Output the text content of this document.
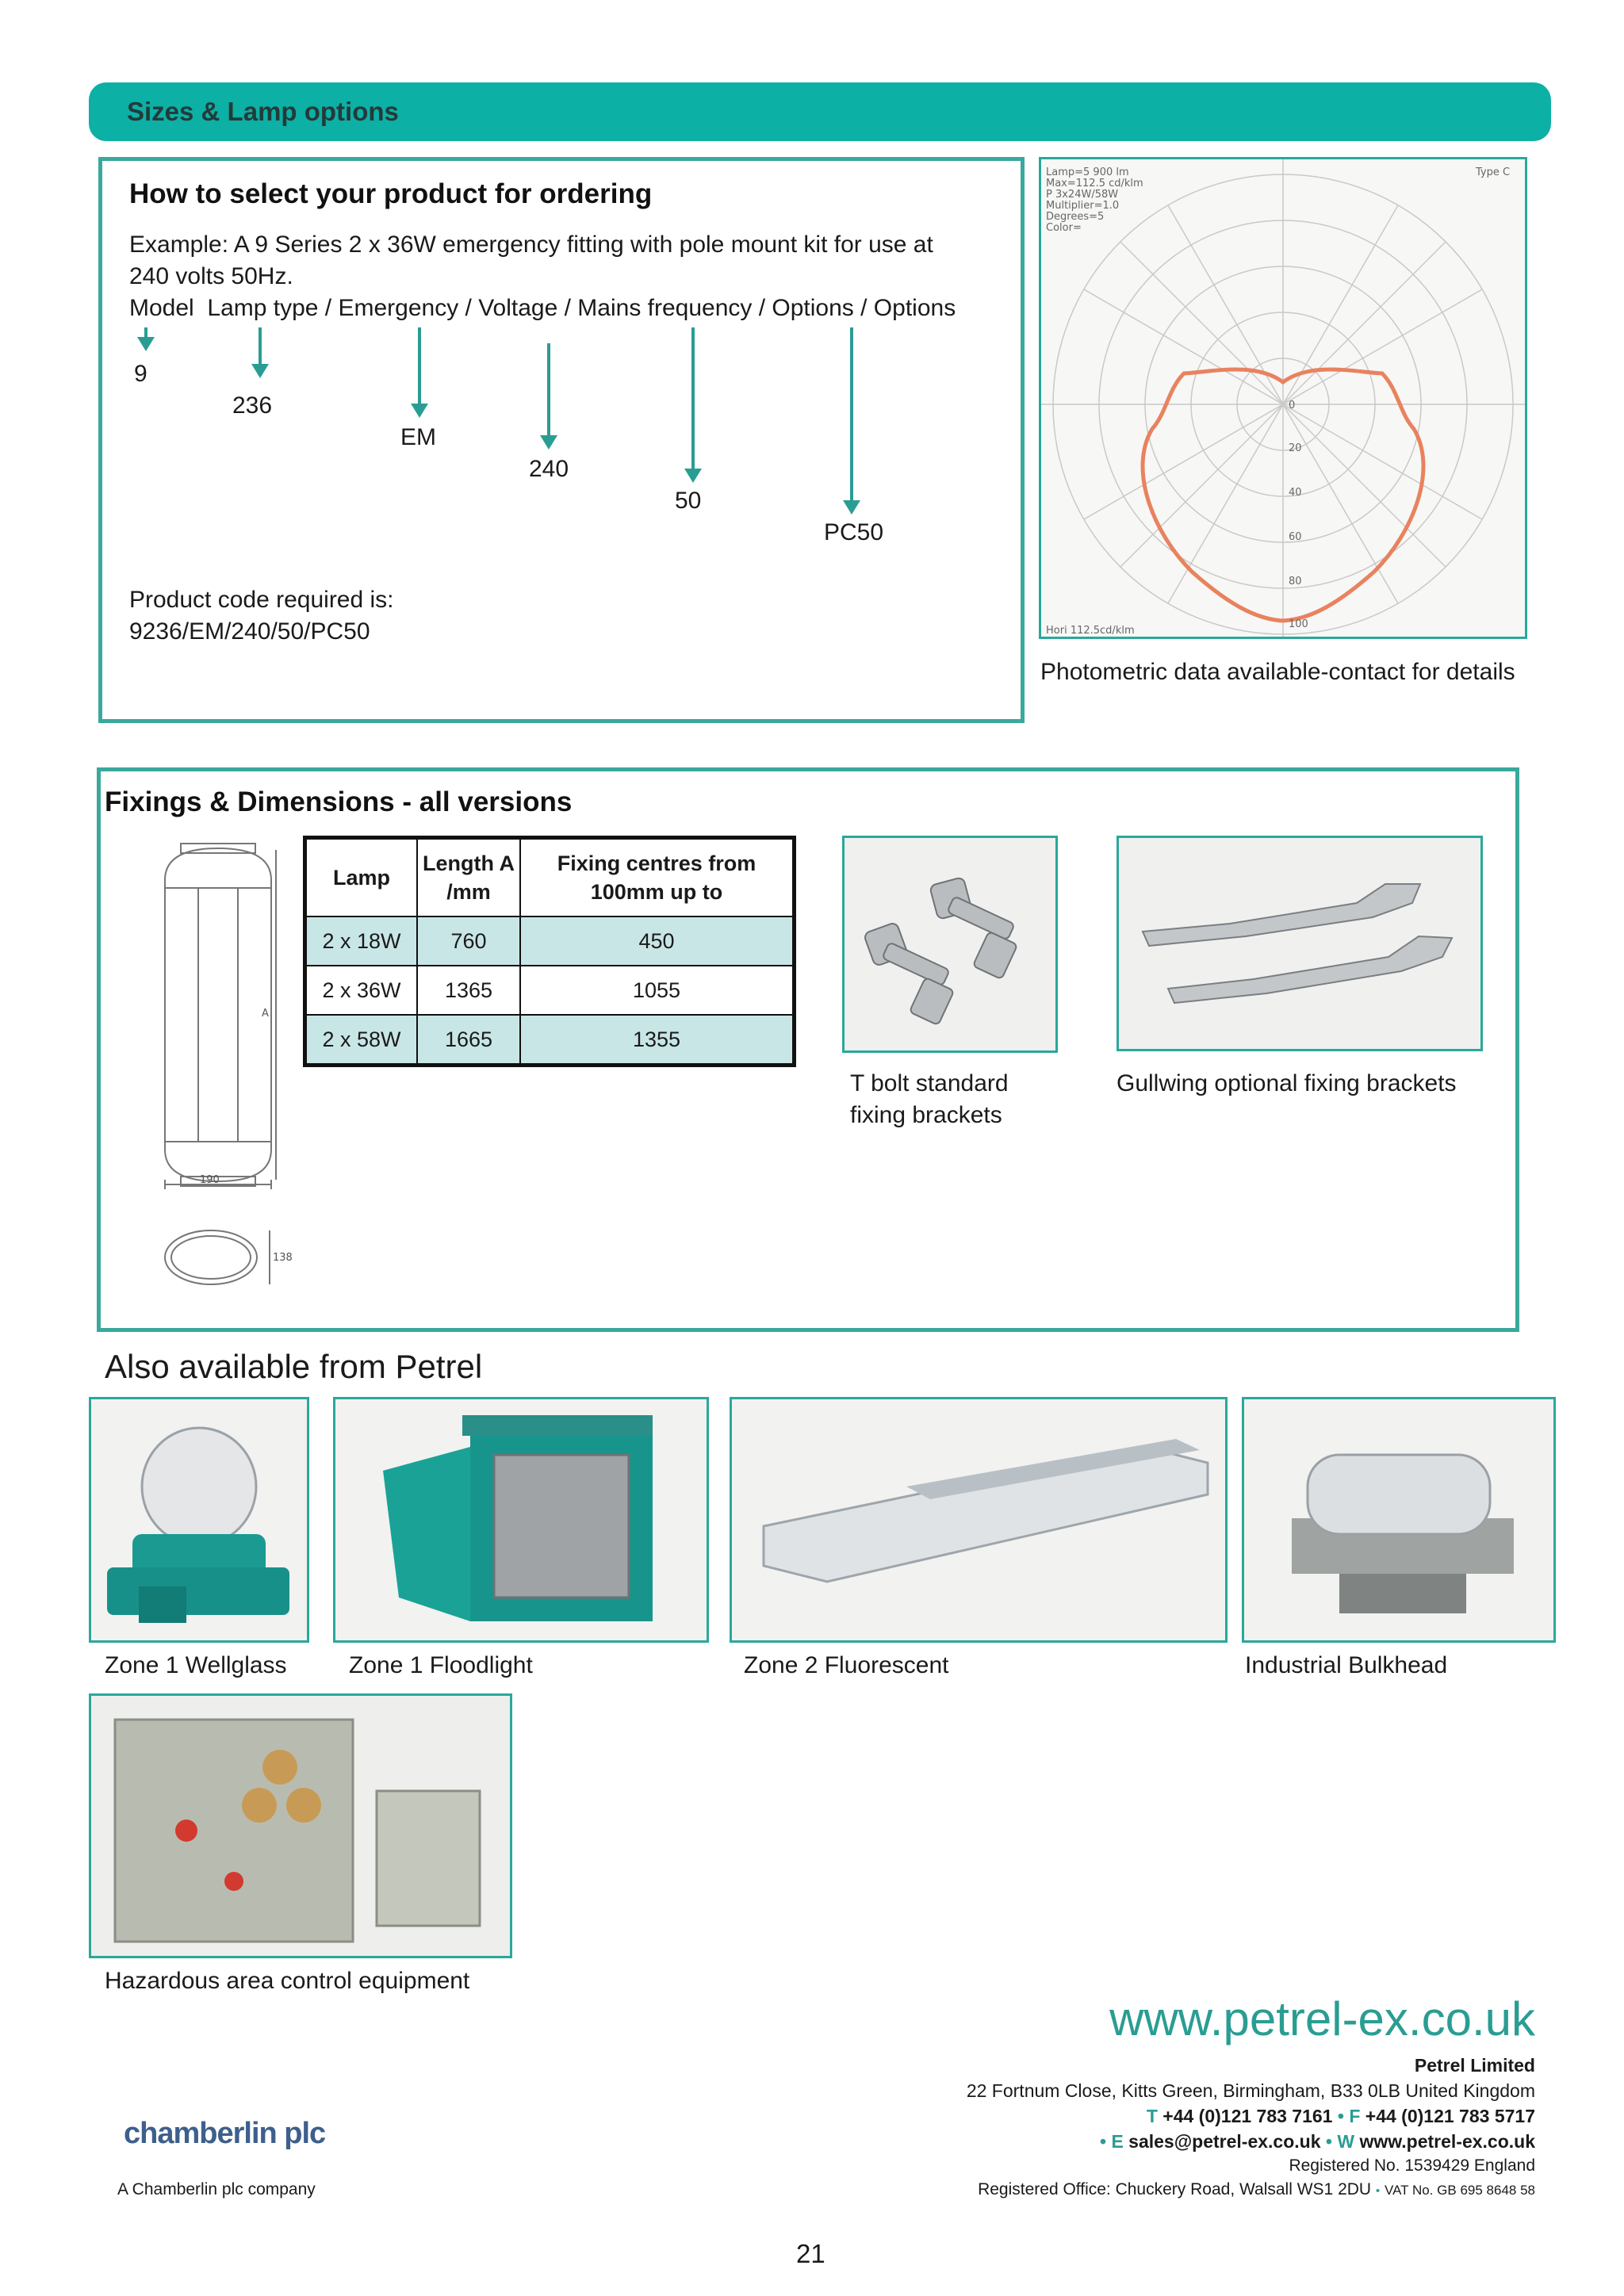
Sizes & Lamp options
How to select your product for ordering
Example: A 9 Series 2 x 36W emergency fitting with pole mount kit for use at
240 volts 50Hz.
Model  Lamp type / Emergency / Voltage / Mains frequency / Options / Options
9
236
EM
240
50
PC50
Product code required is:
9236/EM/240/50/PC50
Lamp=5 900 lm
Max=112.5 cd/klm
P 3x24W/58W
Multiplier=1.0
Degrees=5
Color=
Type C
0
20
40
60
80
100
Hori 112.5cd/klm
Photometric data available-contact for details
Fixings & Dimensions - all versions
A
190
138
Lamp	Length A /mm	Fixing centres from 100mm up to
2 x 18W	760	450
2 x 36W	1365	1055
2 x 58W	1665	1355
T bolt standard
fixing brackets
Gullwing optional fixing brackets
Also available from Petrel
Zone 1 Wellglass	Zone 1 Floodlight	Zone 2 Fluorescent	Industrial Bulkhead
Hazardous area control equipment
www.petrel-ex.co.uk
Petrel Limited
22 Fortnum Close, Kitts Green, Birmingham, B33 0LB United Kingdom
T +44 (0)121 783 7161 • F +44 (0)121 783 5717
• E sales@petrel-ex.co.uk • W www.petrel-ex.co.uk
Registered No. 1539429 England
Registered Office: Chuckery Road, Walsall WS1 2DU • VAT No. GB 695 8648 58
chamberlin plc
A Chamberlin plc company
21
